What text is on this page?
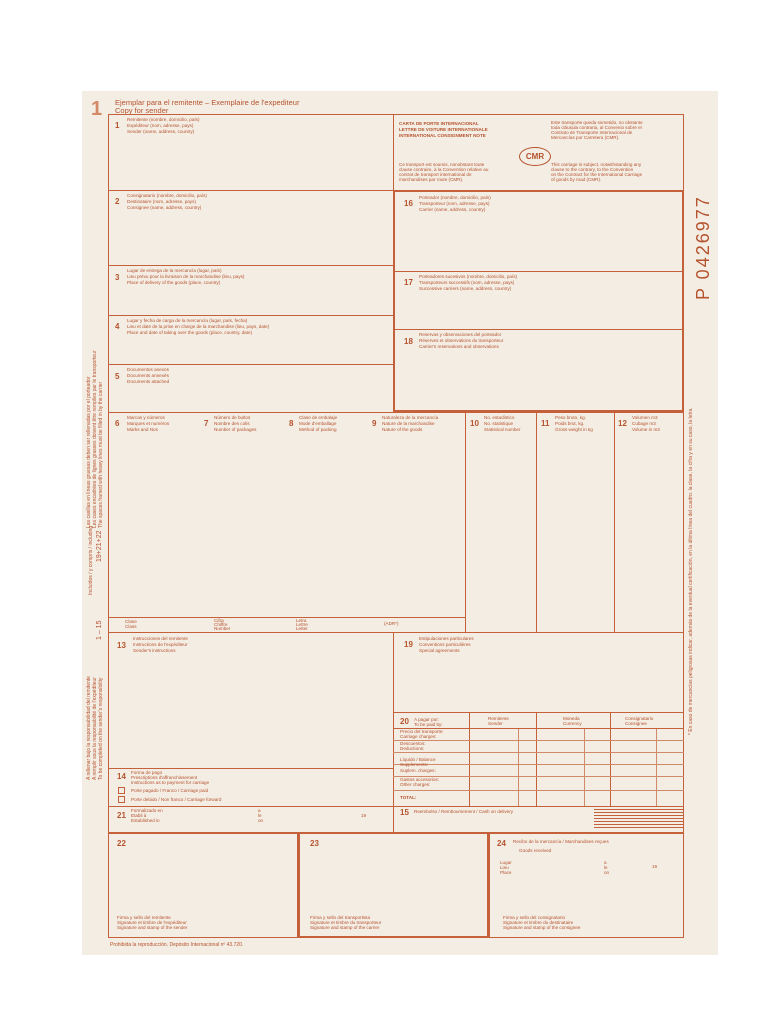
1 Ejemplar para el remitente – Exemplaire de l'expediteur
Copy for sender
CARTA DE PORTE INTERNACIONAL
LETTRE DE VOITURE INTERNATIONALE
INTERNATIONAL CONSIGNMENT NOTE
Este transporte queda sometido, no obstante
toda cláusula contraria, al Convenio sobre el
Contrato de Transporte Internacional de
Mercancías por Carretera (CMR).
CMR
Ce transport est soumis, nonobstant toute
clause contraire, à la Convention relative au
contrat de transport international de
marchandises par route (CMR).
This carriage is subject, notwithstanding any
clause to the contrary, to the Convention
on the Contract for the International Carriage
of goods by road (CMR).
1
Remitente (nombre, domicilio, país)
Expéditeur (nom, adresse, pays)
Sender (name, address, country)
2
Consignatario (nombre, domicilio, país)
Destinataire (nom, adresse, pays)
Consignee (name, address, country)
3
Lugar de entrega de la mercancía (lugar, país)
Lieu prévu pour la livraison de la marchandise (lieu, pays)
Place of delivery of the goods (place, country)
4
Lugar y fecha de carga de la mercancía (lugar, país, fecha)
Lieu et date de la prise en charge de la marchandise (lieu, pays, date)
Place and date of taking over the goods (place, country, date)
5
Documentos anexos
Documents annexés
Documents attached
16
Porteador (nombre, domicilio, país)
Transporteur (nom, adresse, pays)
Carrier (name, address, country)
17
Porteadores sucesivos (nombre, domicilio, país)
Transporteurs successifs (nom, adresse, pays)
Successive carriers (name, address, country)
18
Reservas y observaciones del porteador
Réserves et observations du transporteur
Carrier's reservations and observations
6
Marcas y números
Marques et numéros
Marks and Nos
7
Número de bultos
Nombre des colis
Number of packages
8
Clase de embalaje
Mode d'emballage
Method of packing
9
Naturaleza de la mercancía
Nature de la marchandise
Nature of the goods
10
No. estadístico
No. statistique
Statistical number
11
Peso bruto, kg.
Poids brut, kg.
Gross weight in kg
12
Volumen m3
Cubage m3
Volume in m3
Clase
Class
Cifra
Chiffre
Number
Letra
Lettre
Letter
(ADR*)
13
Instrucciones del remitente
Instructions de l'expéditeur
Sender's instructions
19
Estipulaciones particulares
Conventions particulières
Special agreements
20 A pagar por:
To be paid by:
Remitente
Sender
Moneda
Currency
Consignatario
Consignee
Precio del transporte:
Carriage charges:
Descuentos:
Deductions:
Líquido / Balance
Supplements:
Suplem. charges:
Gastos accesorios:
Other charges:
TOTAL:
14 Forma de pago
Prescriptions d'affranchissement
Instructions as to payment for carriage
Porte pagado / Franco / Carriage paid
Porte debido / Non franco / Carriage forward
21
Formalizado en
Etabli à
Established in
a
le
on
19	15 Reembolso / Remboursement / Cash on delivery
22
Firma y sello del remitente
Signature et timbre de l'expéditeur
Signature and stamp of the sender
23
Firma y sello del transportista
Signature et timbre du transporteur
Signature and stamp of the carrier
24 Recibo de la mercancía / Marchandises reçues
Goods received
Lugar
Lieu
Place
a
le
on
19
Firma y sello del consignatario
Signature et timbre du destinataire
Signature and stamp of the consignee
Prohibida la reproducción. Depósito Internacional nº 43.720.
P 0426977
* En caso de mercancías peligrosas indicar, además de la eventual certificación, en la última línea del cuadro: la clase, la cifra y en su caso, la letra.
Las casillas en líneas gruesas deben ser rellenadas por el porteador Les cases encadrées de lignes grasses doivent être remplies par le transporteur The spaces framed with heavy lines must be filled in by the carrier
19+21+22
1 – 15
Incluidos / y compris / including
A rellenar bajo la responsabilidad del remitente A remplir sous la responsabilité de l'expéditeur To be completed on the sender's responsibility
